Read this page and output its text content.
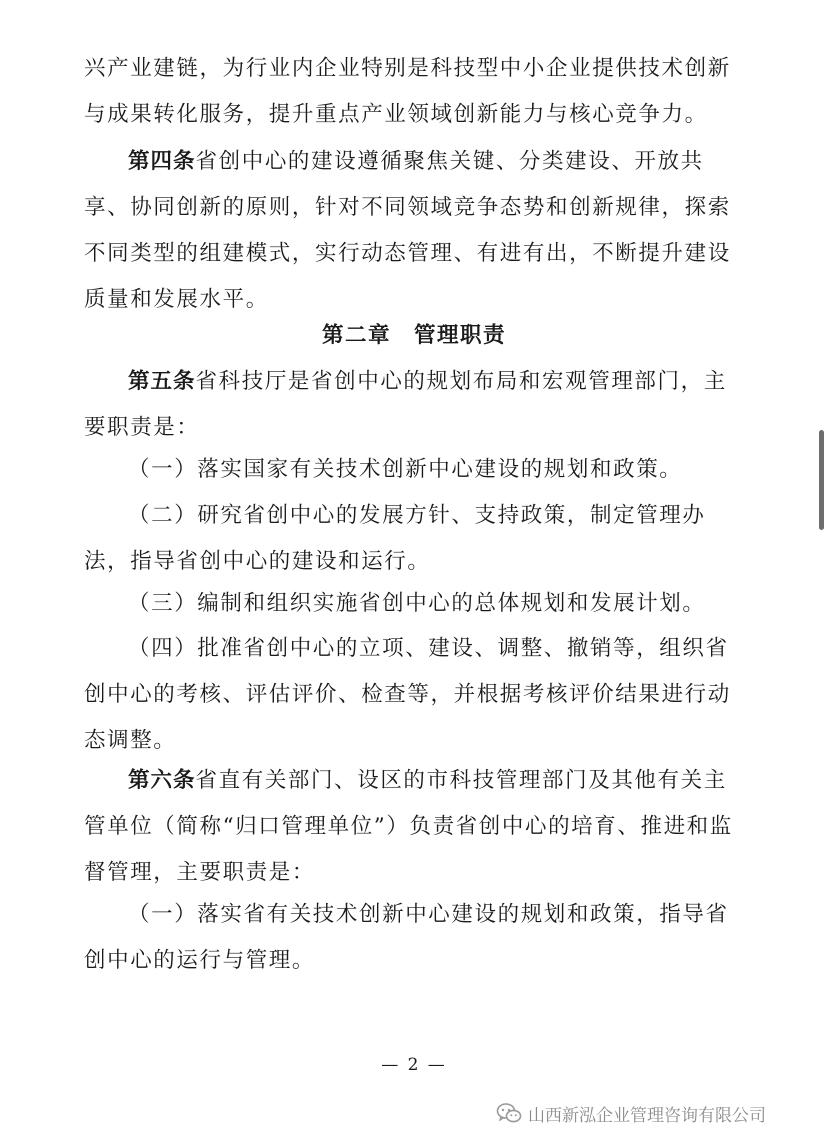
兴产业建链，为行业内企业特别是科技型中小企业提供技术创新与成果转化服务，提升重点产业领域创新能力与核心竞争力。

第四条省创中心的建设遵循聚焦关键、分类建设、开放共享、协同创新的原则，针对不同领域竞争态势和创新规律，探索不同类型的组建模式，实行动态管理、有进有出，不断提升建设质量和发展水平。

第二章　管理职责

第五条省科技厅是省创中心的规划布局和宏观管理部门，主要职责是：

（一）落实国家有关技术创新中心建设的规划和政策。

（二）研究省创中心的发展方针、支持政策，制定管理办法，指导省创中心的建设和运行。

（三）编制和组织实施省创中心的总体规划和发展计划。

（四）批准省创中心的立项、建设、调整、撤销等，组织省创中心的考核、评估评价、检查等，并根据考核评价结果进行动态调整。

第六条省直有关部门、设区的市科技管理部门及其他有关主管单位（简称“归口管理单位”）负责省创中心的培育、推进和监督管理，主要职责是：

（一）落实省有关技术创新中心建设的规划和政策，指导省创中心的运行与管理。

— 2 —
山西新泓企业管理咨询有限公司
